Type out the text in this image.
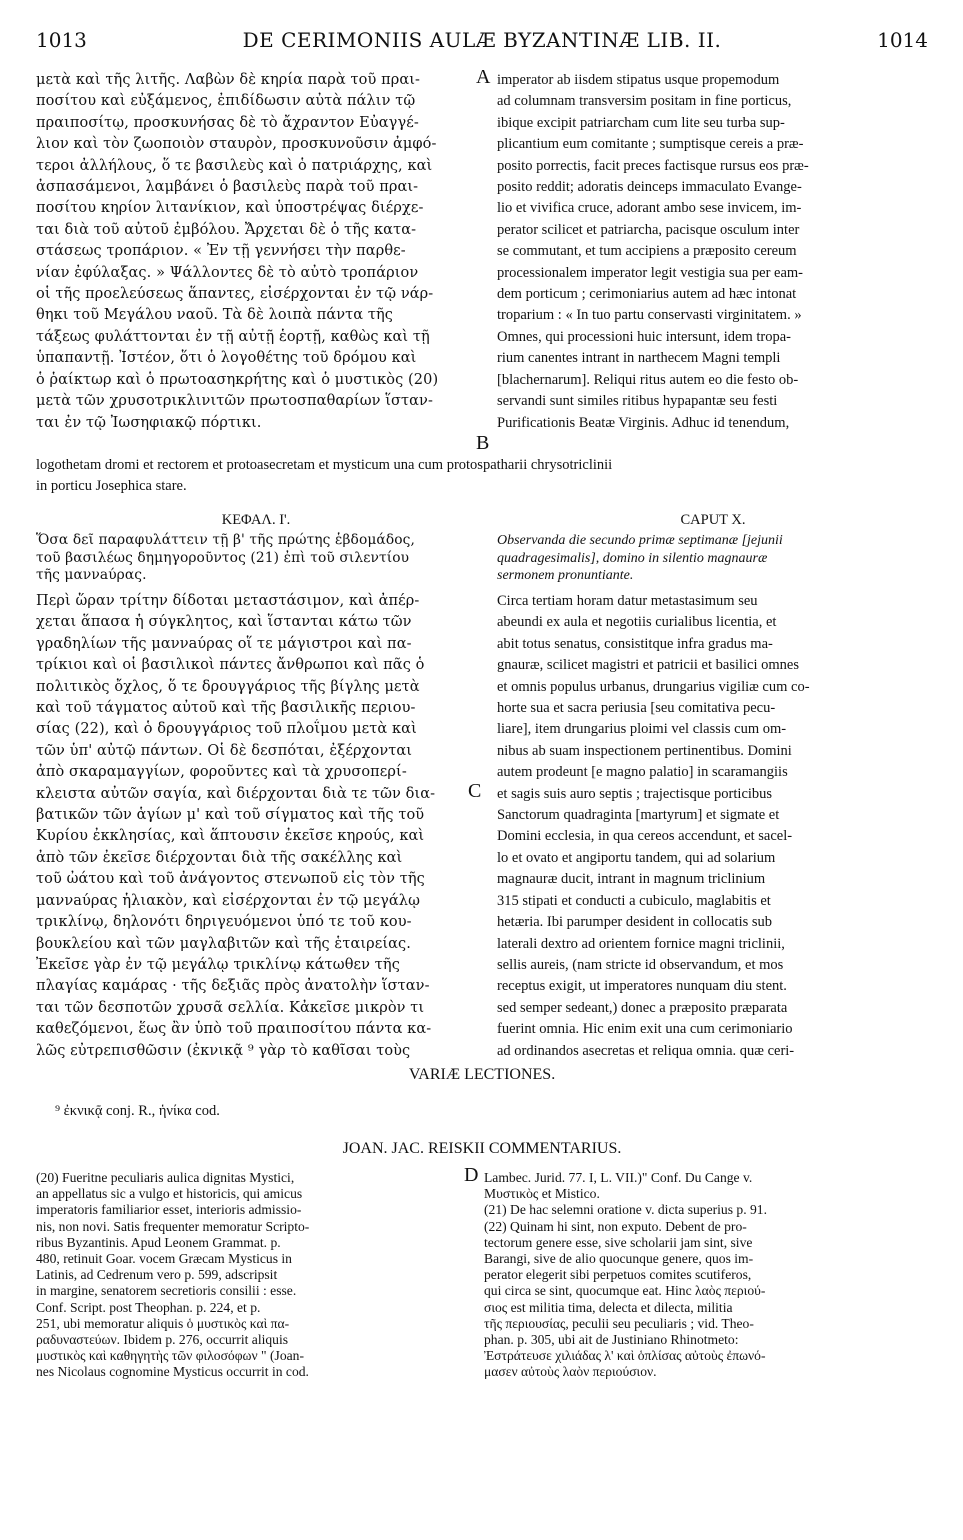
1013	DE CERIMONIIS AULÆ BYZANTINÆ LIB. II.	1014
μετὰ καὶ τῆς λιτῆς. Λαβὼν δὲ κηρία παρὰ τοῦ πραι-
ποσίτου καὶ εὐξάμενος, ἐπιδίδωσιν αὐτὰ πάλιν τῷ
πραιποσίτῳ, προσκυνήσας δὲ τὸ ἄχραντον Εὐαγγέ-
λιον καὶ τὸν ζωοποιὸν σταυρὸν, προσκυνοῦσιν ἀμφό-
τεροι ἀλλήλους, ὅ τε βασιλεὺς καὶ ὁ πατριάρχης, καὶ
ἀσπασάμενοι, λαμβάνει ὁ βασιλεὺς παρὰ τοῦ πραι-
ποσίτου κηρίον λιτανίκιον, καὶ ὑποστρέψας διέρχε-
ται διὰ τοῦ αὐτοῦ ἐμβόλου. Ἄρχεται δὲ ὁ τῆς κατα-
στάσεως τροπάριον. « Ἐν τῇ γεννήσει τὴν παρθε-
νίαν ἐφύλαξας. » Ψάλλοντες δὲ τὸ αὐτὸ τροπάριον
οἱ τῆς προελεύσεως ἅπαντες, εἰσέρχονται ἐν τῷ νάρ-
θηκι τοῦ Μεγάλου ναοῦ. Τὰ δὲ λοιπὰ πάντα τῆς
τάξεως φυλάττονται ἐν τῇ αὐτῇ ἑορτῇ, καθὼς καὶ τῇ
ὑπαπαντῇ. Ἰστέον, ὅτι ὁ λογοθέτης τοῦ δρόμου καὶ
ὁ ῥαίκτωρ καὶ ὁ πρωτοασηκρήτης καὶ ὁ μυστικὸς (20)
μετὰ τῶν χρυσοτρικλινιτῶν πρωτοσπαθαρίων ἵσταν-
ται ἐν τῷ Ἰωσηφιακῷ πόρτικι.
imperator ab iisdem stipatus usque propemodum
ad columnam transversim positam in fine porticus,
ibique excipit patriarcham cum lite seu turba sup-
plicantium eum comitante ; sumptisque cereis a præ-
posito porrectis, facit preces factisque rursus eos præ-
posito reddit; adoratis deinceps immaculato Evange-
lio et vivifica cruce, adorant ambo sese invicem, im-
perator scilicet et patriarcha, pacisque osculum inter
se commutant, et tum accipiens a præposito cereum
processionalem imperator legit vestigia sua per eam-
dem porticum ; cerimoniarius autem ad hæc intonat
troparium : « In tuo partu conservasti virginitatem. »
Omnes, qui processioni huic intersunt, idem tropa-
rium canentes intrant in narthecem Magni templi
[blachernarum]. Reliqui ritus autem eo die festo ob-
servandi sunt similes ritibus hypapantæ seu festi
Purificationis Beatæ Virginis. Adhuc id tenendum,
A
B
logothetam dromi et rectorem et protoasecretam et mysticum una cum protospatharii chrysotriclinii
in porticu Josephica stare.
ΚΕΦΑΛ. Ι'.	CAPUT X.
Ὅσα δεῖ παραφυλάττειν τῇ β' τῆς πρώτης ἑβδομάδος,
τοῦ βασιλέως δημηγοροῦντος (21) ἐπὶ τοῦ σιλεντίου
τῆς μαννaύρας.
Observanda die secundo primæ septimanæ [jejunii
quadragesimalis], domino in silentio magnauræ
sermonem pronuntiante.
Περὶ ὥραν τρίτην δίδοται μεταστάσιμον, καὶ ἀπέρ-
χεται ἅπασα ἡ σύγκλητος, καὶ ἵστανται κάτω τῶν
γραδηλίων τῆς μαννaύρας οἵ τε μάγιστροι καὶ πα-
τρίκιοι καὶ οἱ βασιλικοὶ πάντες ἄνθρωποι καὶ πᾶς ὁ
πολιτικὸς ὄχλος, ὅ τε δρουγγάριος τῆς βίγλης μετὰ
καὶ τοῦ τάγματος αὐτοῦ καὶ τῆς βασιλικῆς περιου-
σίας (22), καὶ ὁ δρουγγάριος τοῦ πλοΐμου μετὰ καὶ
τῶν ὑπ' αὐτῷ πάντων. Οἱ δὲ δεσπόται, ἐξέρχονται
ἀπὸ σκαραμαγγίων, φοροῦντες καὶ τὰ χρυσοπερί-
κλειστα αὐτῶν σαγία, καὶ διέρχονται διὰ τε τῶν δια-
βατικῶν τῶν ἁγίων μ' καὶ τοῦ σίγματος καὶ τῆς τοῦ
Κυρίου ἐκκλησίας, καὶ ἅπτουσιν ἐκεῖσε κηρούς, καὶ
ἀπὸ τῶν ἐκεῖσε διέρχονται διὰ τῆς σακέλλης καὶ
τοῦ ὠάτου καὶ τοῦ ἀνάγοντος στενωποῦ εἰς τὸν τῆς
μαννaύρας ἡλιακὸν, καὶ εἰσέρχονται ἐν τῷ μεγάλῳ
τρικλίνῳ, δηλονότι δηριγευόμενοι ὑπό τε τοῦ κου-
βουκλείου καὶ τῶν μαγλαβιτῶν καὶ τῆς ἑταιρείας.
Ἐκεῖσε γὰρ ἐν τῷ μεγάλῳ τρικλίνῳ κάτωθεν τῆς
πλαγίας καμάρας · τῆς δεξιᾶς πρὸς ἀνατολὴν ἵσταν-
ται τῶν δεσποτῶν χρυσᾶ σελλία. Κἀκεῖσε μικρὸν τι
καθεζόμενοι, ἕως ἂν ὑπὸ τοῦ πραιποσίτου πάντα κα-
λῶς εὐτρεπισθῶσιν (ἐκνικᾷ ⁹ γὰρ τὸ καθῖσαι τοὺς
Circa tertiam horam datur metastasimum seu
abeundi ex aula et negotiis curialibus licentia, et
abit totus senatus, consistitque infra gradus ma-
gnauræ, scilicet magistri et patricii et basilici omnes
et omnis populus urbanus, drungarius vigiliæ cum co-
horte sua et sacra periusia [seu comitativa pecu-
liare], item drungarius ploimi vel classis cum om-
nibus ab suam inspectionem pertinentibus. Domini
autem prodeunt [e magno palatio] in scaramangiis
et sagis suis auro septis ; trajectisque porticibus
Sanctorum quadraginta [martyrum] et sigmate et
Domini ecclesia, in qua cereos accendunt, et sacel-
lo et ovato et angiportu tandem, qui ad solarium
magnauræ ducit, intrant in magnum triclinium
315 stipati et conducti a cubiculo, maglabitis et
hetæria. Ibi parumper desident in collocatis sub
laterali dextro ad orientem fornice magni triclinii,
sellis aureis, (nam stricte id observandum, et mos
receptus exigit, ut imperatores nunquam diu stent.
sed semper sedeant,) donec a præposito præparata
fuerint omnia. Hic enim exit una cum cerimoniario
ad ordinandos asecretas et reliqua omnia. quæ ceri-
C
VARIÆ LECTIONES.
⁹ ἐκνικᾷ conj. R., ἡνίκα cod.
JOAN. JAC. REISKII COMMENTARIUS.
(20) Fueritne peculiaris aulica dignitas Mystici,
an appellatus sic a vulgo et historicis, qui amicus
imperatoris familiarior esset, interioris admissio-
nis, non novi. Satis frequenter memoratur Scripto-
ribus Byzantinis. Apud Leonem Grammat. p.
480, retinuit Goar. vocem Græcam Mysticus in
Latinis, ad Cedrenum vero p. 599, adscripsit
in margine, senatorem secretioris consilii : esse.
Conf. Script. post Theophan. p. 224, et p.
251, ubi memoratur aliquis ὁ μυστικὸς καὶ πα-
ραδυναστεύων. Ibidem p. 276, occurrit aliquis
μυστικὸς καὶ καθηγητὴς τῶν φιλοσόφων " (Joan-
nes Nicolaus cognomine Mysticus occurrit in cod.
Lambec. Jurid. 77. I, L. VII.)" Conf. Du Cange v.
Μυστικὸς et Mistico.
(21) De hac selemni oratione v. dicta superius p. 91.
(22) Quinam hi sint, non exputo. Debent de pro-
tectorum genere esse, sive scholarii jam sint, sive
Barangi, sive de alio quocunque genere, quos im-
perator elegerit sibi perpetuos comites scutiferos,
qui circa se sint, quocumque eat. Hinc λαὸς περιού-
σιος est militia tima, delecta et dilecta, militia
τῆς περιουσίας, peculii seu peculiaris ; vid. Theo-
phan. p. 305, ubi ait de Justiniano Rhinotmeto:
Ἐστράτευσε χιλιάδας λ' καὶ ὁπλίσας αὐτοὺς ἐπωνό-
μασεν αὐτοὺς λαὸν περιούσιον.
D
